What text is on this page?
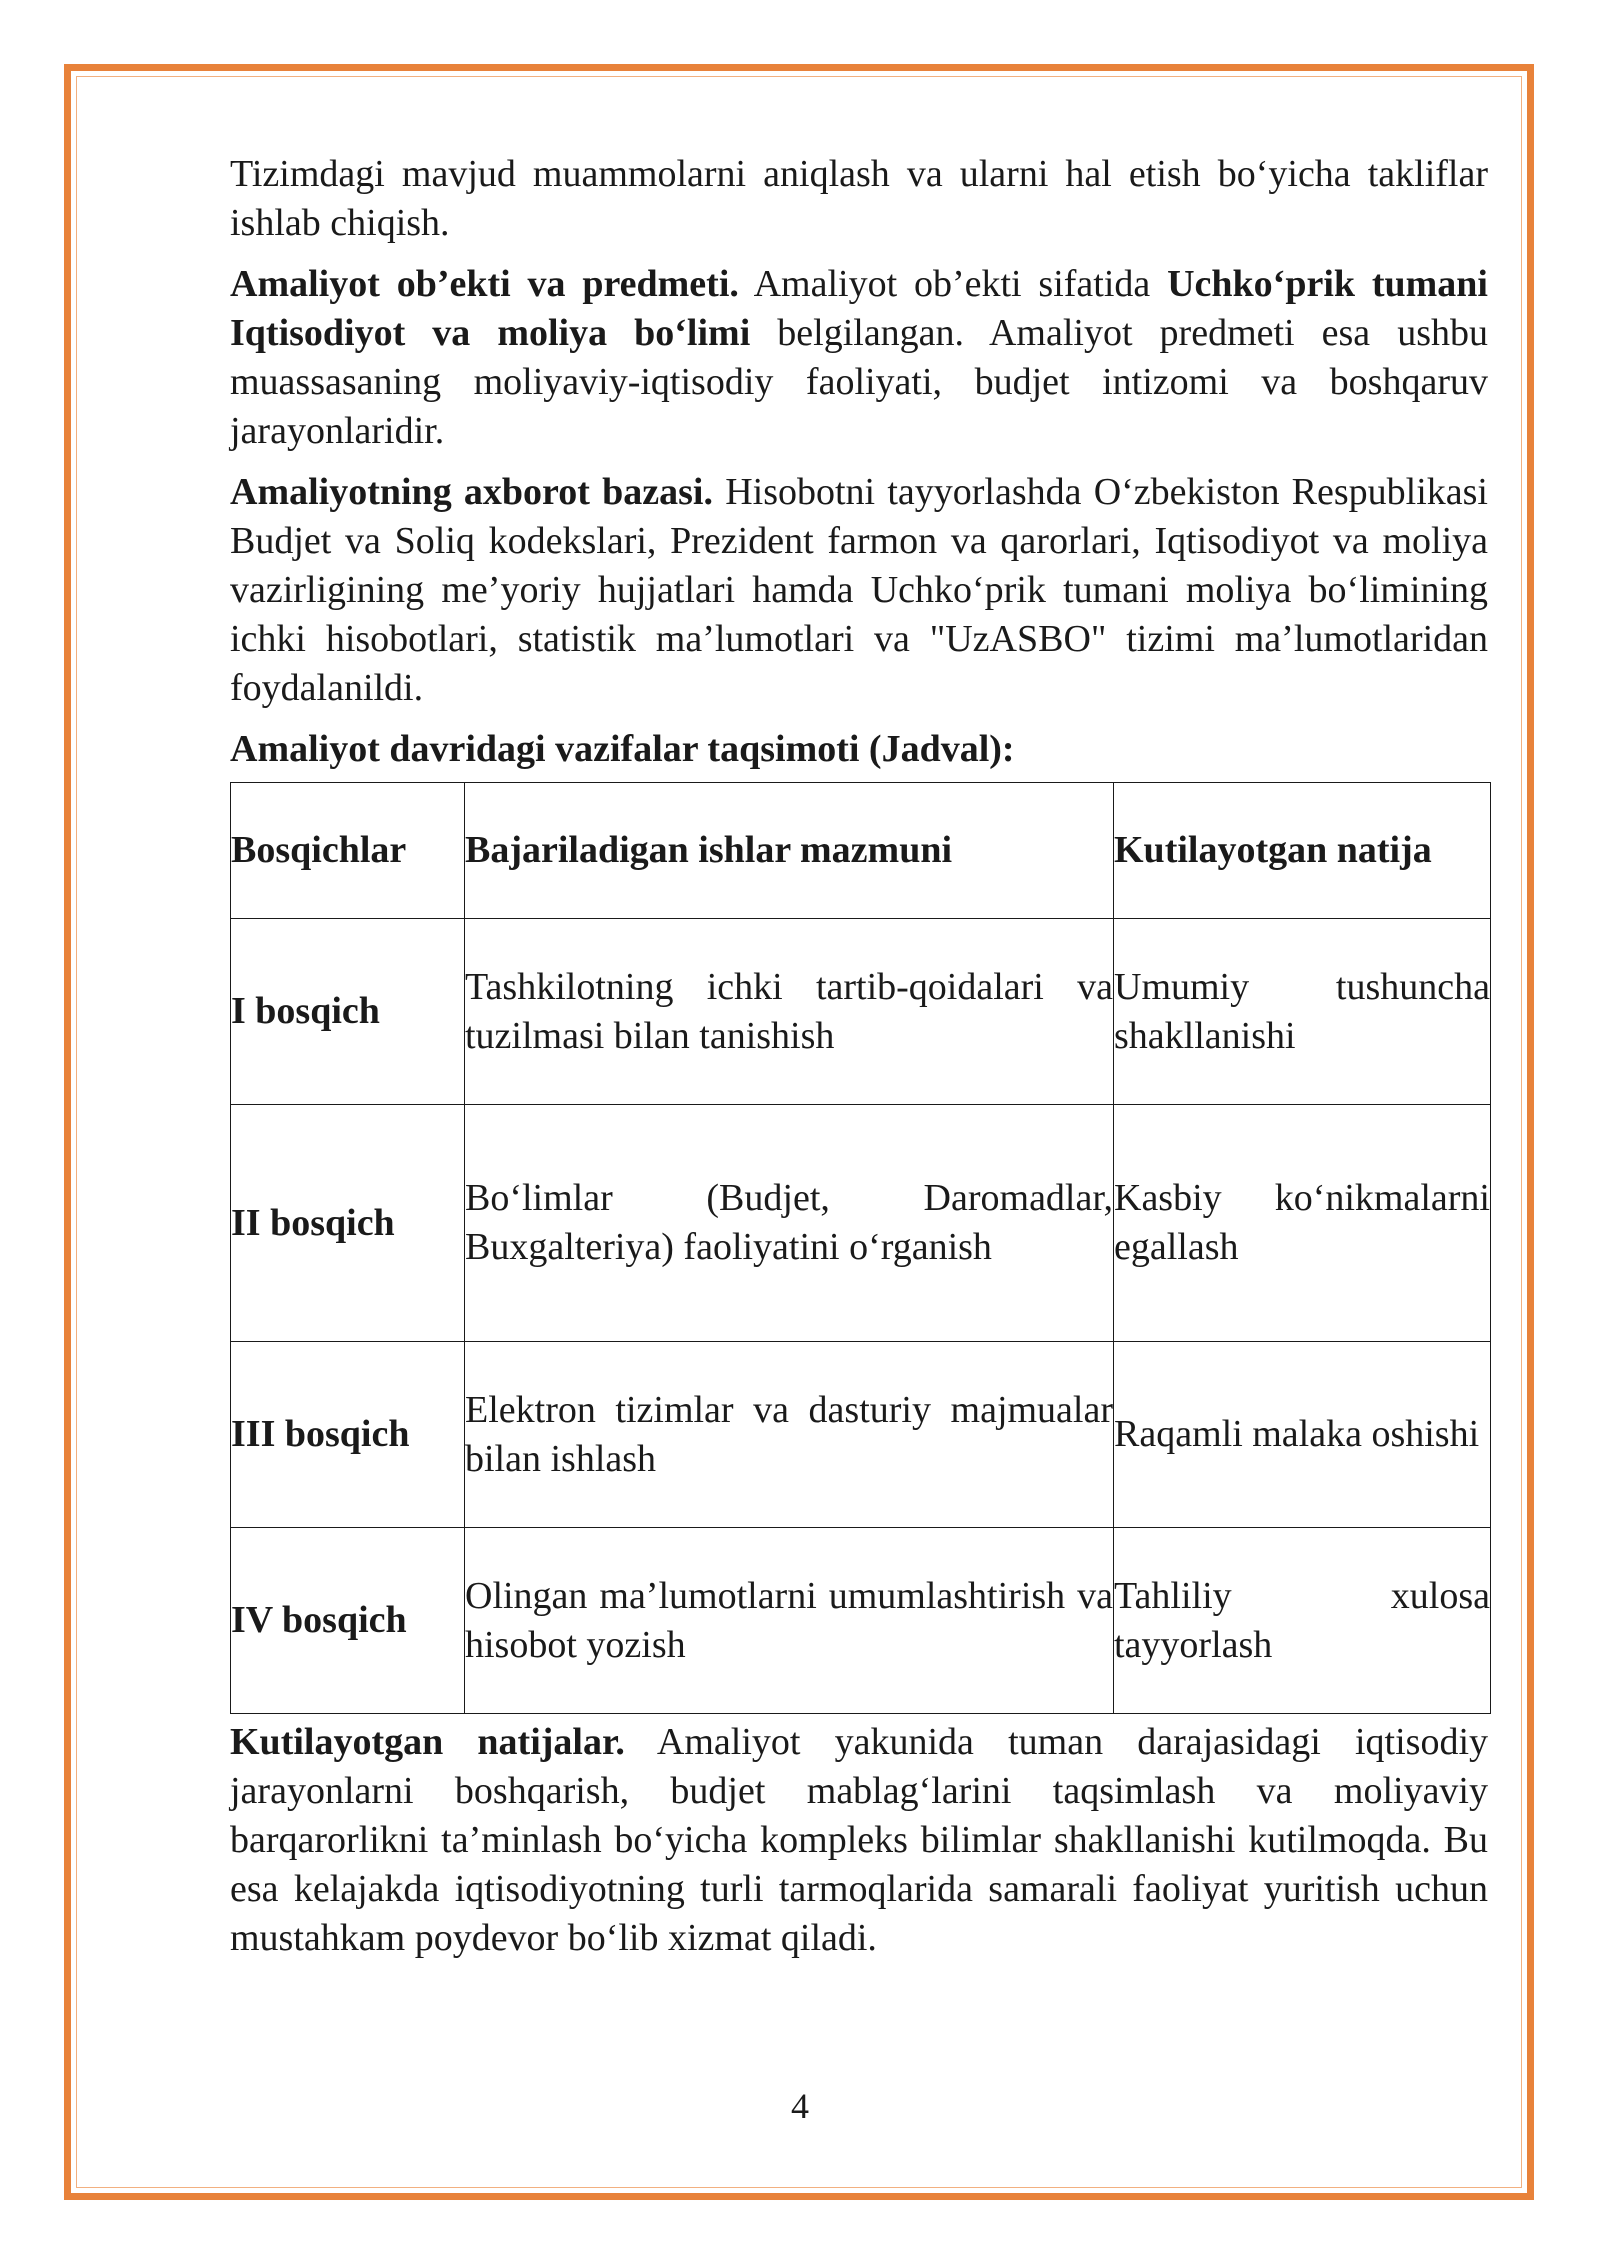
Tizimdagi mavjud muammolarni aniqlash va ularni hal etish bo‘yicha takliflar ishlab chiqish.

Amaliyot ob’ekti va predmeti. Amaliyot ob’ekti sifatida Uchko‘prik tumani Iqtisodiyot va moliya bo‘limi belgilangan. Amaliyot predmeti esa ushbu muassasaning moliyaviy-iqtisodiy faoliyati, budjet intizomi va boshqaruv jarayonlaridir.

Amaliyotning axborot bazasi. Hisobotni tayyorlashda O‘zbekiston Respublikasi Budjet va Soliq kodekslari, Prezident farmon va qarorlari, Iqtisodiyot va moliya vazirligining me’yoriy hujjatlari hamda Uchko‘prik tumani moliya bo‘limining ichki hisobotlari, statistik ma’lumotlari va "UzASBO" tizimi ma’lumotlaridan foydalanildi.

Amaliyot davridagi vazifalar taqsimoti (Jadval):

Bosqichlar	Bajariladigan ishlar mazmuni	Kutilayotgan natija
I bosqich	Tashkilotning ichki tartib-qoidalari va tuzilmasi bilan tanishish	Umumiy tushuncha shakllanishi
II bosqich	Bo‘limlar (Budjet, Daromadlar, Buxgalteriya) faoliyatini o‘rganish	Kasbiy ko‘nikmalarni egallash
III bosqich	Elektron tizimlar va dasturiy majmualar bilan ishlash	Raqamli malaka oshishi
IV bosqich	Olingan ma’lumotlarni umumlashtirish va hisobot yozish	Tahliliy xulosa tayyorlash

Kutilayotgan natijalar. Amaliyot yakunida tuman darajasidagi iqtisodiy jarayonlarni boshqarish, budjet mablag‘larini taqsimlash va moliyaviy barqarorlikni ta’minlash bo‘yicha kompleks bilimlar shakllanishi kutilmoqda. Bu esa kelajakda iqtisodiyotning turli tarmoqlarida samarali faoliyat yuritish uchun mustahkam poydevor bo‘lib xizmat qiladi.

4
